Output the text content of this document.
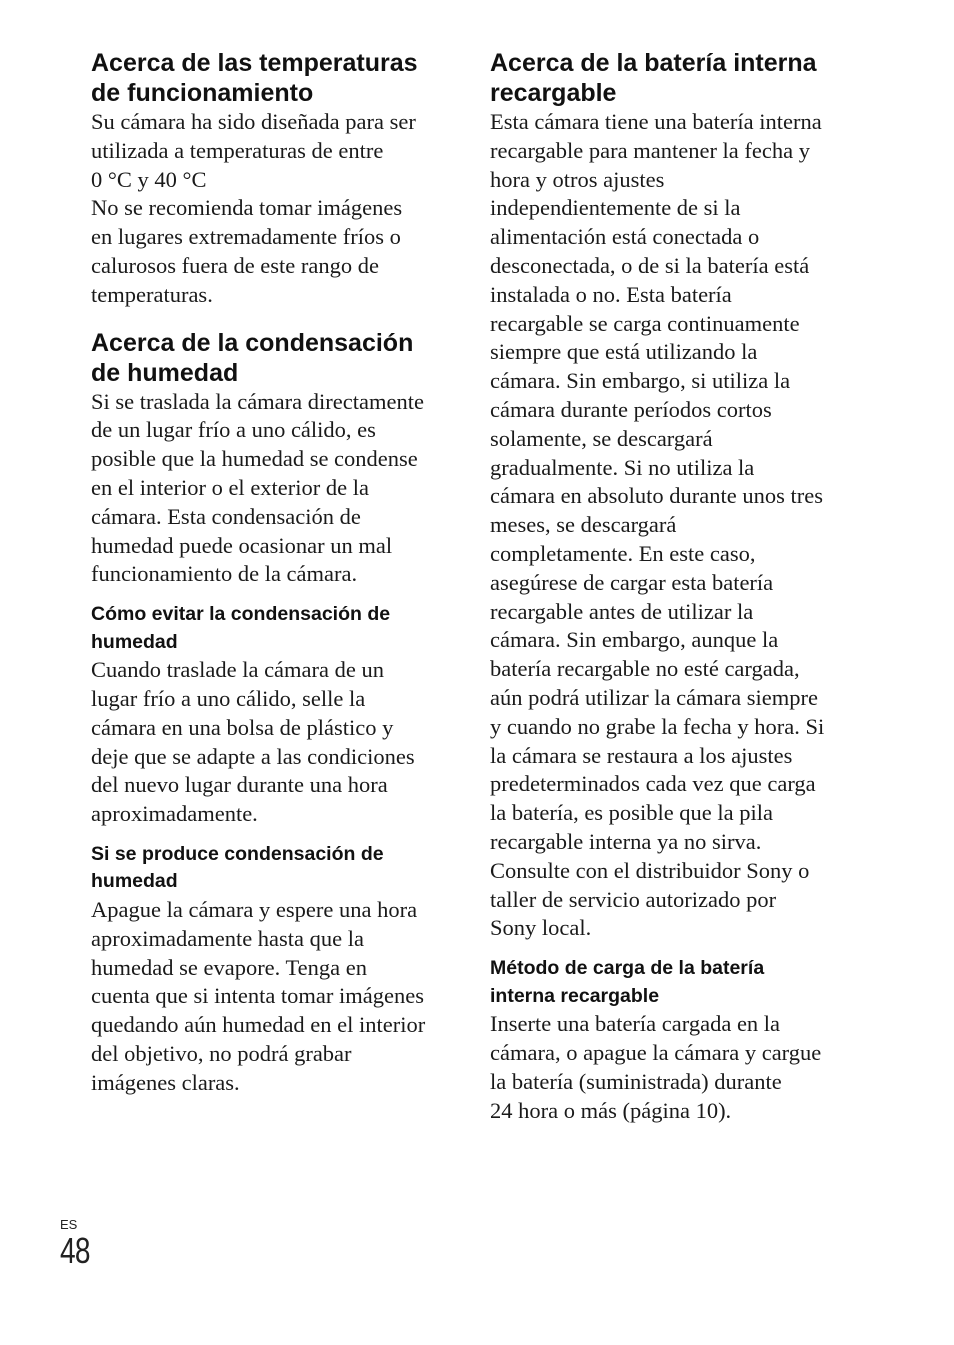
Acerca de las temperaturas
de funcionamiento

Su cámara ha sido diseñada para ser
utilizada a temperaturas de entre
0 °C y 40 °C
No se recomienda tomar imágenes
en lugares extremadamente fríos o
calurosos fuera de este rango de
temperaturas.

Acerca de la condensación
de humedad

Si se traslada la cámara directamente
de un lugar frío a uno cálido, es
posible que la humedad se condense
en el interior o el exterior de la
cámara. Esta condensación de
humedad puede ocasionar un mal
funcionamiento de la cámara.

Cómo evitar la condensación de
humedad

Cuando traslade la cámara de un
lugar frío a uno cálido, selle la
cámara en una bolsa de plástico y
deje que se adapte a las condiciones
del nuevo lugar durante una hora
aproximadamente.

Si se produce condensación de
humedad

Apague la cámara y espere una hora
aproximadamente hasta que la
humedad se evapore. Tenga en
cuenta que si intenta tomar imágenes
quedando aún humedad en el interior
del objetivo, no podrá grabar
imágenes claras.

Acerca de la batería interna
recargable

Esta cámara tiene una batería interna
recargable para mantener la fecha y
hora y otros ajustes
independientemente de si la
alimentación está conectada o
desconectada, o de si la batería está
instalada o no. Esta batería
recargable se carga continuamente
siempre que está utilizando la
cámara. Sin embargo, si utiliza la
cámara durante períodos cortos
solamente, se descargará
gradualmente. Si no utiliza la
cámara en absoluto durante unos tres
meses, se descargará
completamente. En este caso,
asegúrese de cargar esta batería
recargable antes de utilizar la
cámara. Sin embargo, aunque la
batería recargable no esté cargada,
aún podrá utilizar la cámara siempre
y cuando no grabe la fecha y hora. Si
la cámara se restaura a los ajustes
predeterminados cada vez que carga
la batería, es posible que la pila
recargable interna ya no sirva.
Consulte con el distribuidor Sony o
taller de servicio autorizado por
Sony local.

Método de carga de la batería
interna recargable

Inserte una batería cargada en la
cámara, o apague la cámara y cargue
la batería (suministrada) durante
24 hora o más (página 10).

ES
48
